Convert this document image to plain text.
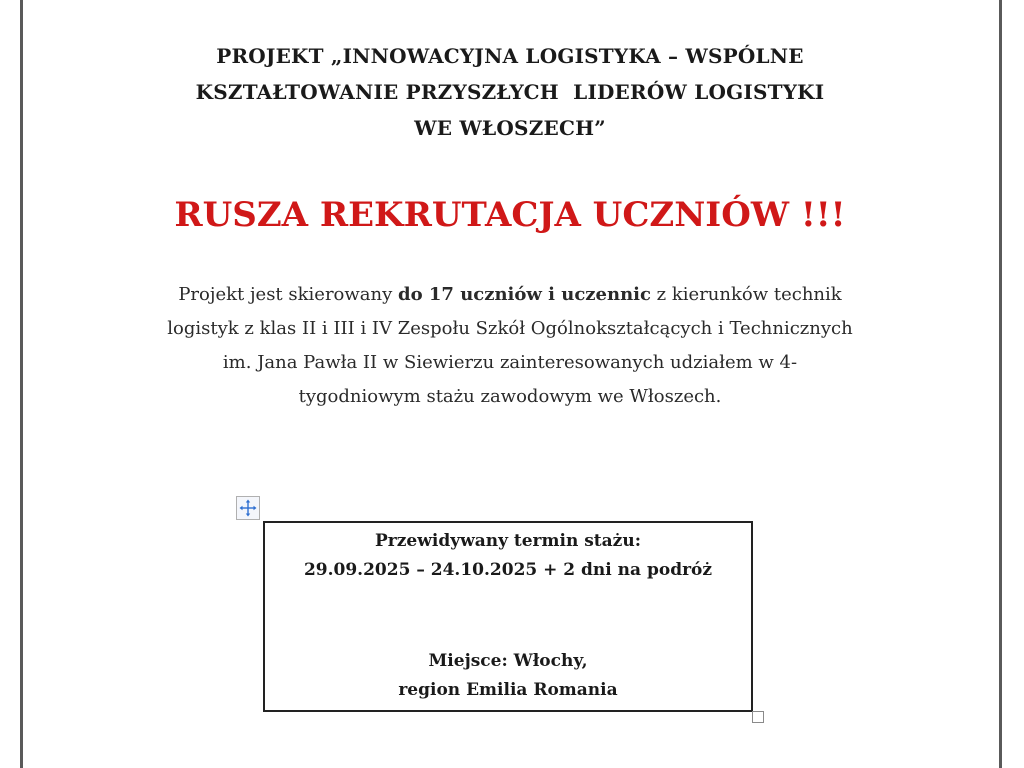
PROJEKT „INNOWACYJNA LOGISTYKA – WSPÓLNE
KSZTAŁTOWANIE PRZYSZŁYCH  LIDERÓW LOGISTYKI
WE WŁOSZECH”
RUSZA REKRUTACJA UCZNIÓW !!!
Projekt jest skierowany do 17 uczniów i uczennic z kierunków technik
logistyk z klas II i III i IV Zespołu Szkół Ogólnokształcących i Technicznych
im. Jana Pawła II w Siewierzu zainteresowanych udziałem w 4-
tygodniowym stażu zawodowym we Włoszech.
Przewidywany termin stażu:
29.09.2025 – 24.10.2025 + 2 dni na podróż
Miejsce: Włochy,
region Emilia Romania
